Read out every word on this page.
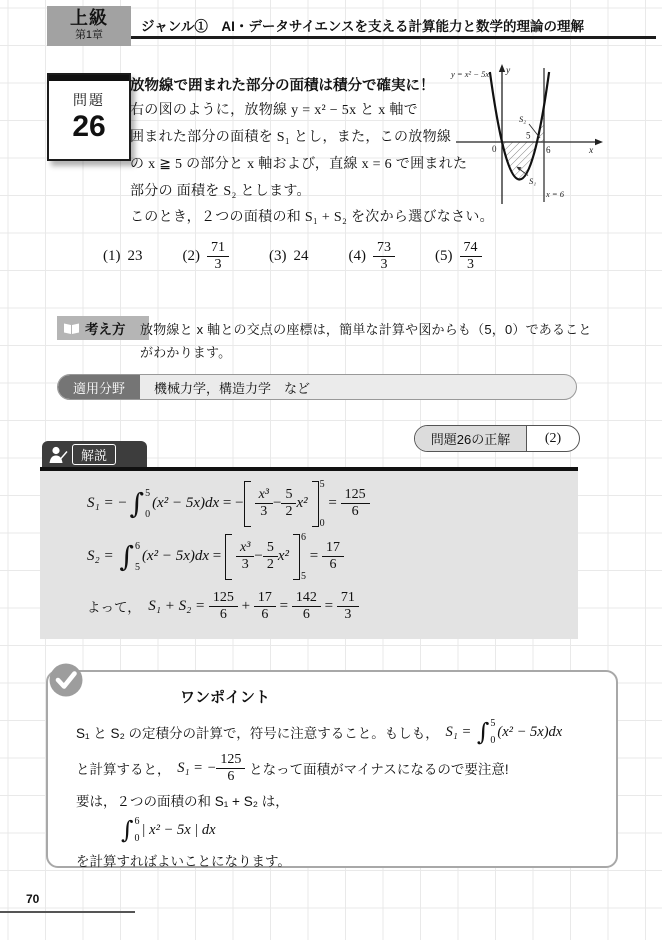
上級
第1章
ジャンル①　AI・データサイエンスを支える計算能力と数学的理論の理解
問題
26
放物線で囲まれた部分の面積は積分で確実に！
右の図のように，放物線 y = x² − 5x と x 軸で
囲まれた部分の面積を S₁ とし，また，この放物線
の x ≧ 5 の部分と x 軸および，直線 x = 6 で囲まれた
部分の 面積を S₂ とします。
このとき，２つの面積の和 S₁ + S₂ を次から選びなさい。
y = x² − 5x y
x
0
5
6
S₂
S₁
x = 6
(1) 23	$(2) \frac{71}{3}$	(3) 24	$(4) \frac{73}{3}$	$(5) \frac{74}{3}$
考え方 放物線と x 軸との交点の座標は，簡単な計算や図からも（5，0）であること
がわかります。
適用分野	機械力学，構造力学　など
問題26の正解	(2)
解説
S₁ = − ∫ 5
0
(x² − 5x)dx = − $\frac{\text{x³}}{3} - \frac{5}{2} x^2$
5
0
= $\frac{125}{6}$
S₂ = ∫ 6
5
$(x^2 - 5x)dx = \frac{\text{x³}}{3} - \frac{5}{2} x^2$
6
5
= $\frac{17}{6}$
よって， $S_1 + S_2 = \frac{125}{6} + \frac{17}{6} = \frac{142}{6} = \frac{71}{3}$
ワンポイント
S₁ と S₂ の定積分の計算で，符号に注意すること。もしも，　 S₁ = ∫ 5
0
(x² − 5x)dx
と計算すると，　 S₁ = − $\frac{125}{6}$ となって面積がマイナスになるので要注意!
要は，２つの面積の和 S₁ + S₂ は，
∫ 6
0
| x² − 5x | dx
を計算すればよいことになります。
70
